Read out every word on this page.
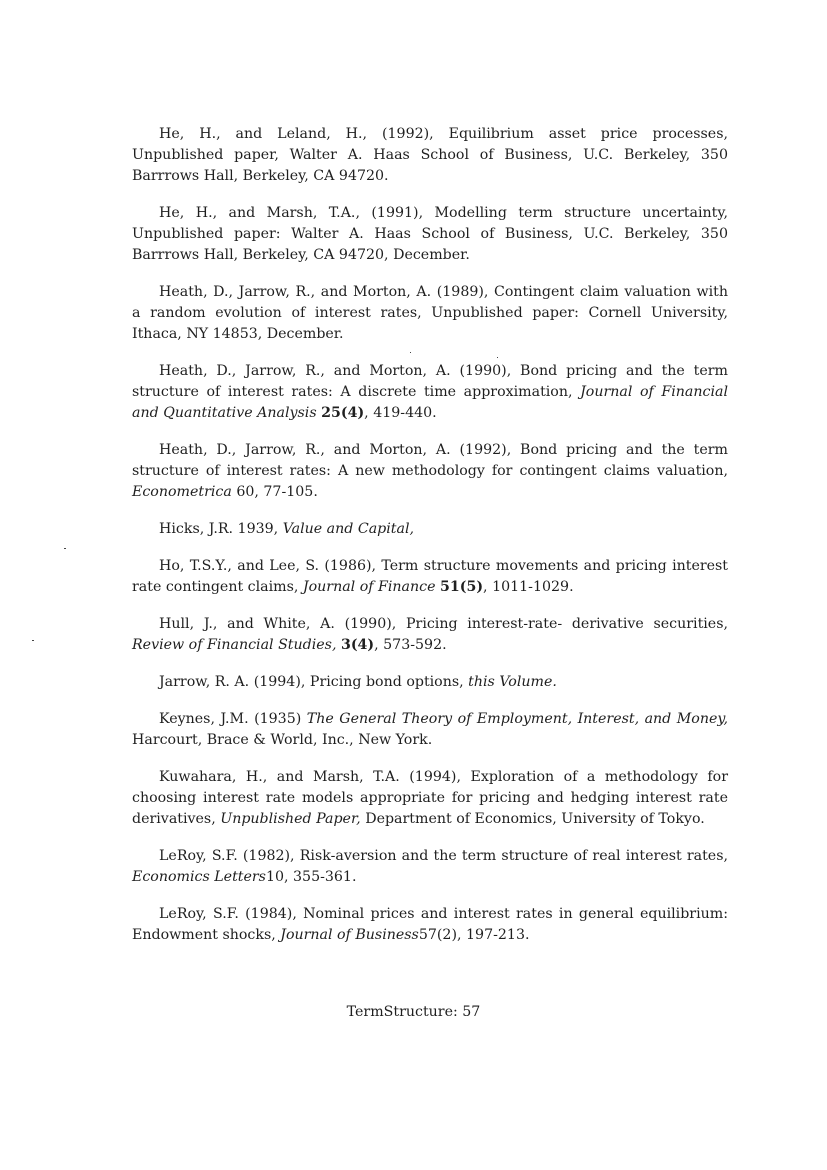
He, H., and Leland, H., (1992), Equilibrium asset price processes, Unpublished paper, Walter A. Haas School of Business, U.C. Berkeley, 350 Barrrows Hall, Berkeley, CA 94720.

He, H., and Marsh, T.A., (1991), Modelling term structure uncertainty, Unpublished paper: Walter A. Haas School of Business, U.C. Berkeley, 350 Barrrows Hall, Berkeley, CA 94720, December.

Heath, D., Jarrow, R., and Morton, A. (1989), Contingent claim valuation with a random evolution of interest rates, Unpublished paper: Cornell University, Ithaca, NY 14853, December.

Heath, D., Jarrow, R., and Morton, A. (1990), Bond pricing and the term structure of interest rates: A discrete time approximation, Journal of Financial and Quantitative Analysis 25(4), 419-440.

Heath, D., Jarrow, R., and Morton, A. (1992), Bond pricing and the term structure of interest rates: A new methodology for contingent claims valuation, Econometrica 60, 77-105.

Hicks, J.R. 1939, Value and Capital,

Ho, T.S.Y., and Lee, S. (1986), Term structure movements and pricing interest rate contingent claims, Journal of Finance 51(5), 1011-1029.

Hull, J., and White, A. (1990), Pricing interest-rate- derivative securities, Review of Financial Studies, 3(4), 573-592.

Jarrow, R. A. (1994), Pricing bond options, this Volume.

Keynes, J.M. (1935) The General Theory of Employment, Interest, and Money, Harcourt, Brace & World, Inc., New York.

Kuwahara, H., and Marsh, T.A. (1994), Exploration of a methodology for choosing interest rate models appropriate for pricing and hedging interest rate derivatives, Unpublished Paper, Department of Economics, University of Tokyo.

LeRoy, S.F. (1982), Risk-aversion and the term structure of real interest rates, Economics Letters10, 355-361.

LeRoy, S.F. (1984), Nominal prices and interest rates in general equilibrium: Endowment shocks, Journal of Business57(2), 197-213.

TermStructure: 57
